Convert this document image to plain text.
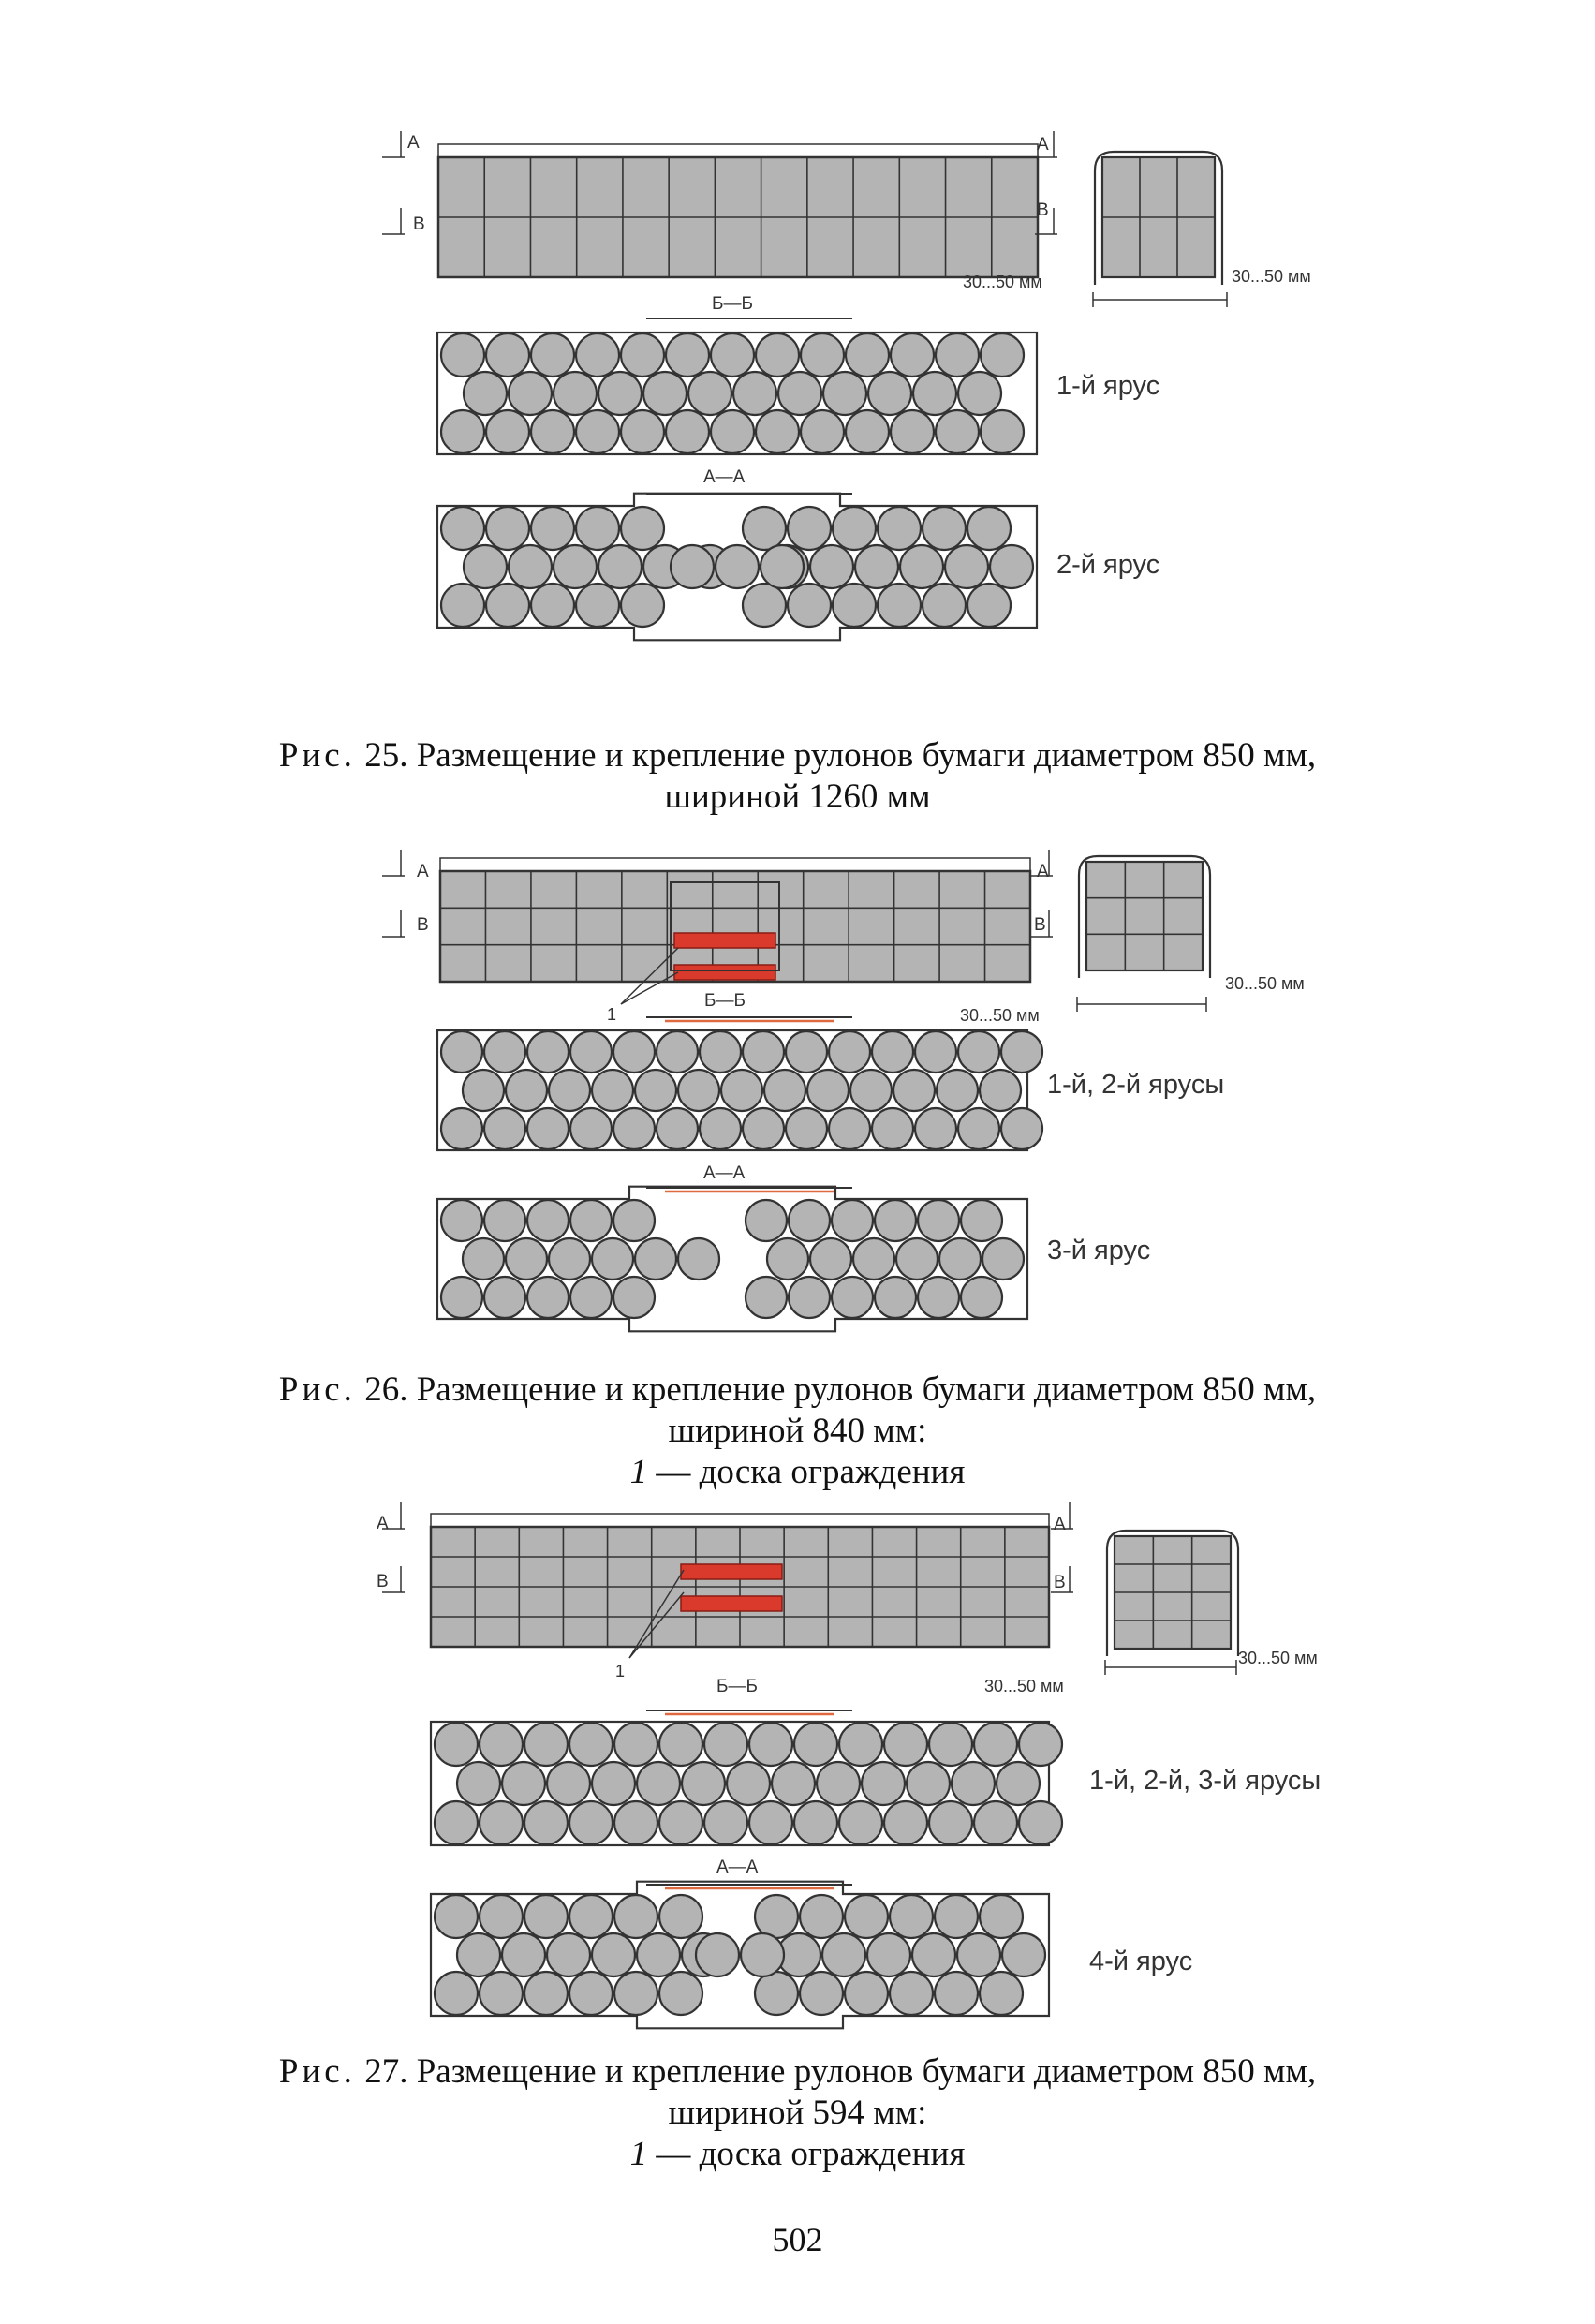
А
В
А
В
30...50 мм	30...50 мм
Б—Б
А—А
1-й ярус
2-й ярус
Рис. 25. Размещение и крепление рулонов бумаги диаметром 850 мм,
шириной 1260 мм
А
В
А
В
30...50 мм
30...50 мм
Б—Б
А—А
1
1-й, 2-й ярусы
3-й ярус
Рис. 26. Размещение и крепление рулонов бумаги диаметром 850 мм,
шириной 840 мм:
1 — доска ограждения
А
В
А
В
30...50 мм
30...50 мм
Б—Б
А—А
1
1-й, 2-й, 3-й ярусы
4-й ярус
Рис. 27. Размещение и крепление рулонов бумаги диаметром 850 мм,
шириной 594 мм:
1 — доска ограждения
502
